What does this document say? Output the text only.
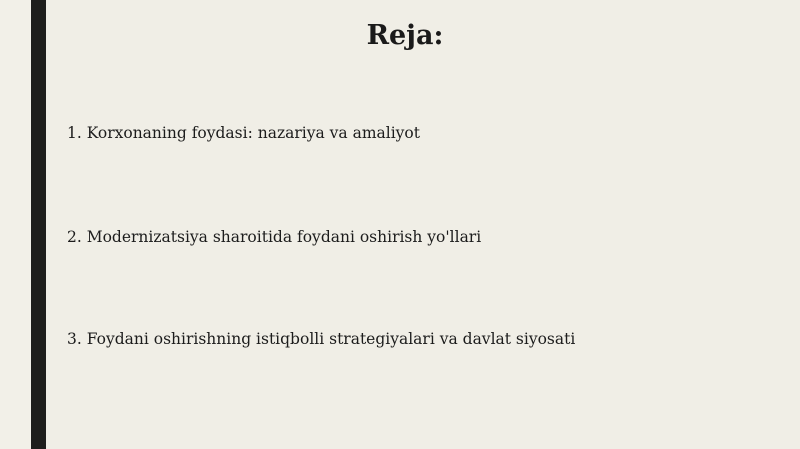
Reja:
1. Korxonaning foydasi: nazariya va amaliyot
2. Modernizatsiya sharoitida foydani oshirish yo'llari
3. Foydani oshirishning istiqbolli strategiyalari va davlat siyosati
